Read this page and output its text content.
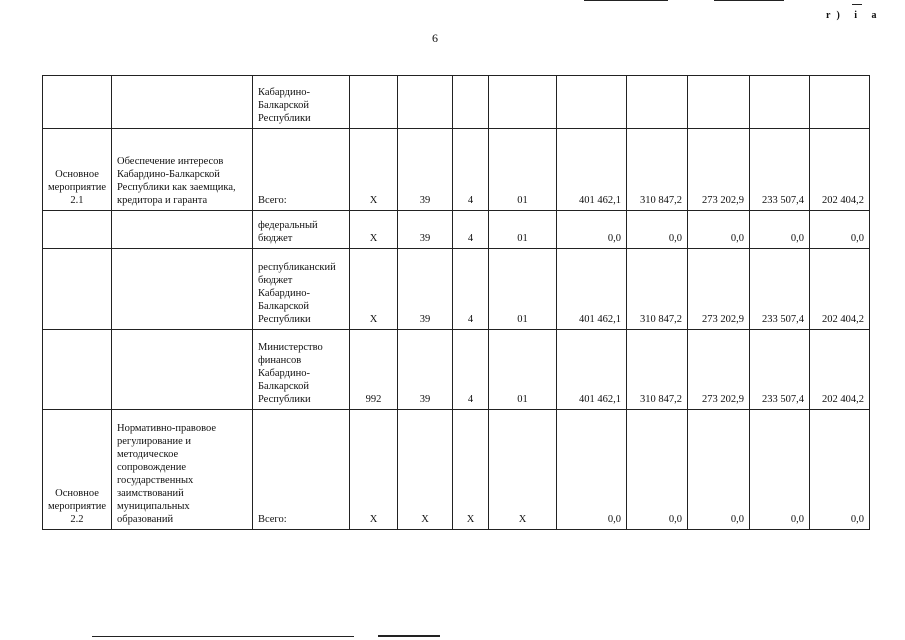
r) i a
6
		Кабардино-
Балкарской
Республики									
Основное мероприятие 2.1	Обеспечение интересов Кабардино-Балкарской Республики как заемщика, кредитора и гаранта	Всего:	Х	39	4	01	401 462,1	310 847,2	273 202,9	233 507,4	202 404,2
		федеральный бюджет	Х	39	4	01	0,0	0,0	0,0	0,0	0,0
		республиканский бюджет Кабардино-Балкарской Республики	Х	39	4	01	401 462,1	310 847,2	273 202,9	233 507,4	202 404,2
		Министерство финансов Кабардино-Балкарской Республики	992	39	4	01	401 462,1	310 847,2	273 202,9	233 507,4	202 404,2
Основное мероприятие 2.2	Нормативно-правовое регулирование и методическое сопровождение государственных заимствований муниципальных образований	Всего:	Х	Х	Х	Х	0,0	0,0	0,0	0,0	0,0
